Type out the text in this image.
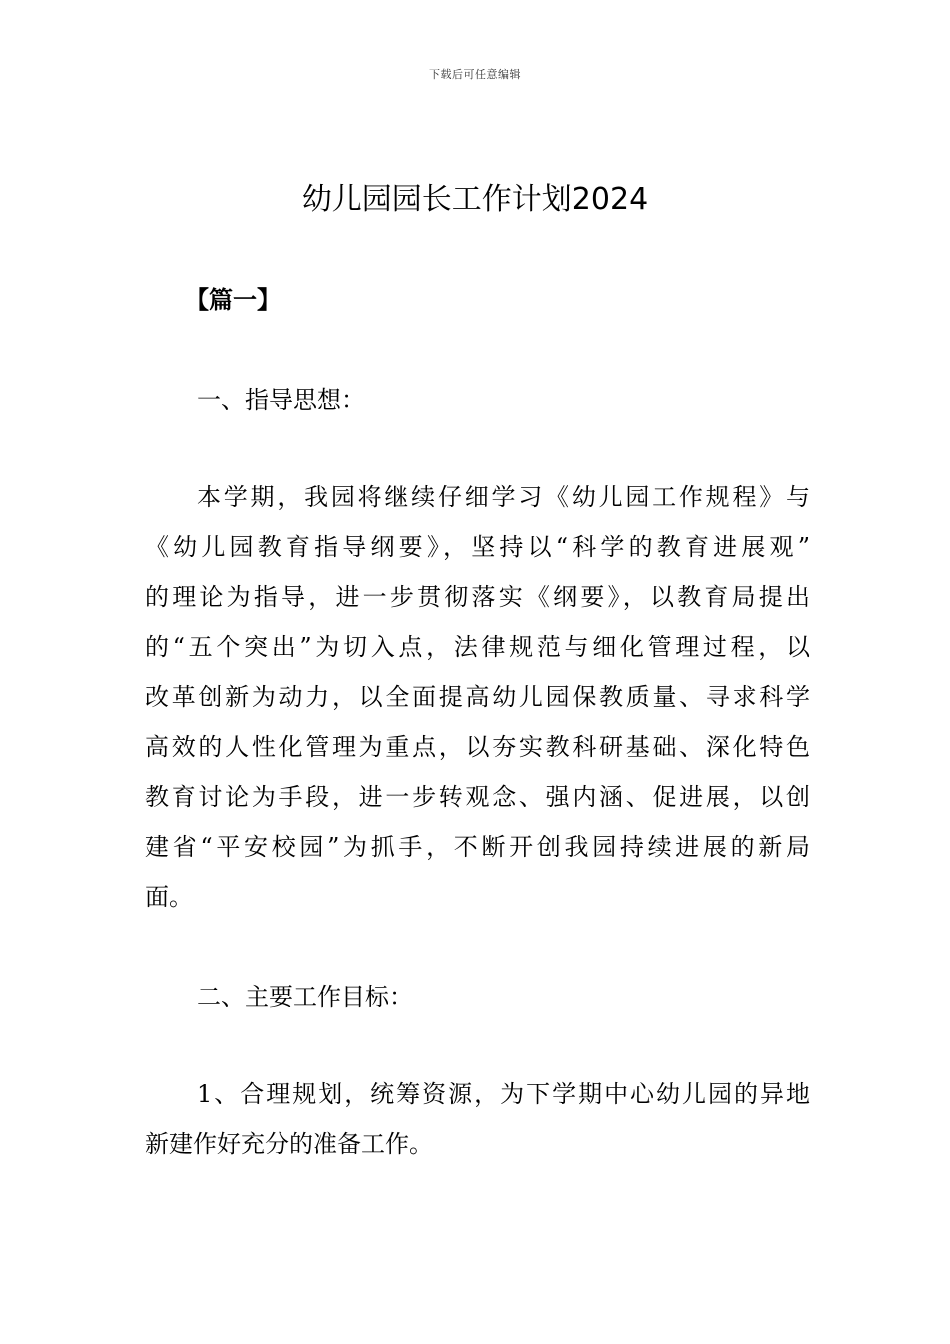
下载后可任意编辑
幼儿园园长工作计划2024
【篇一】
一、指导思想：
本学期，我园将继续仔细学习《幼儿园工作规程》与
《幼儿园教育指导纲要》，坚持以“科学的教育进展观”
的理论为指导，进一步贯彻落实《纲要》，以教育局提出
的“五个突出”为切入点，法律规范与细化管理过程，以
改革创新为动力，以全面提高幼儿园保教质量、寻求科学
高效的人性化管理为重点，以夯实教科研基础、深化特色
教育讨论为手段，进一步转观念、强内涵、促进展，以创
建省“平安校园”为抓手，不断开创我园持续进展的新局
面。
二、主要工作目标：
1、合理规划，统筹资源，为下学期中心幼儿园的异地
新建作好充分的准备工作。
